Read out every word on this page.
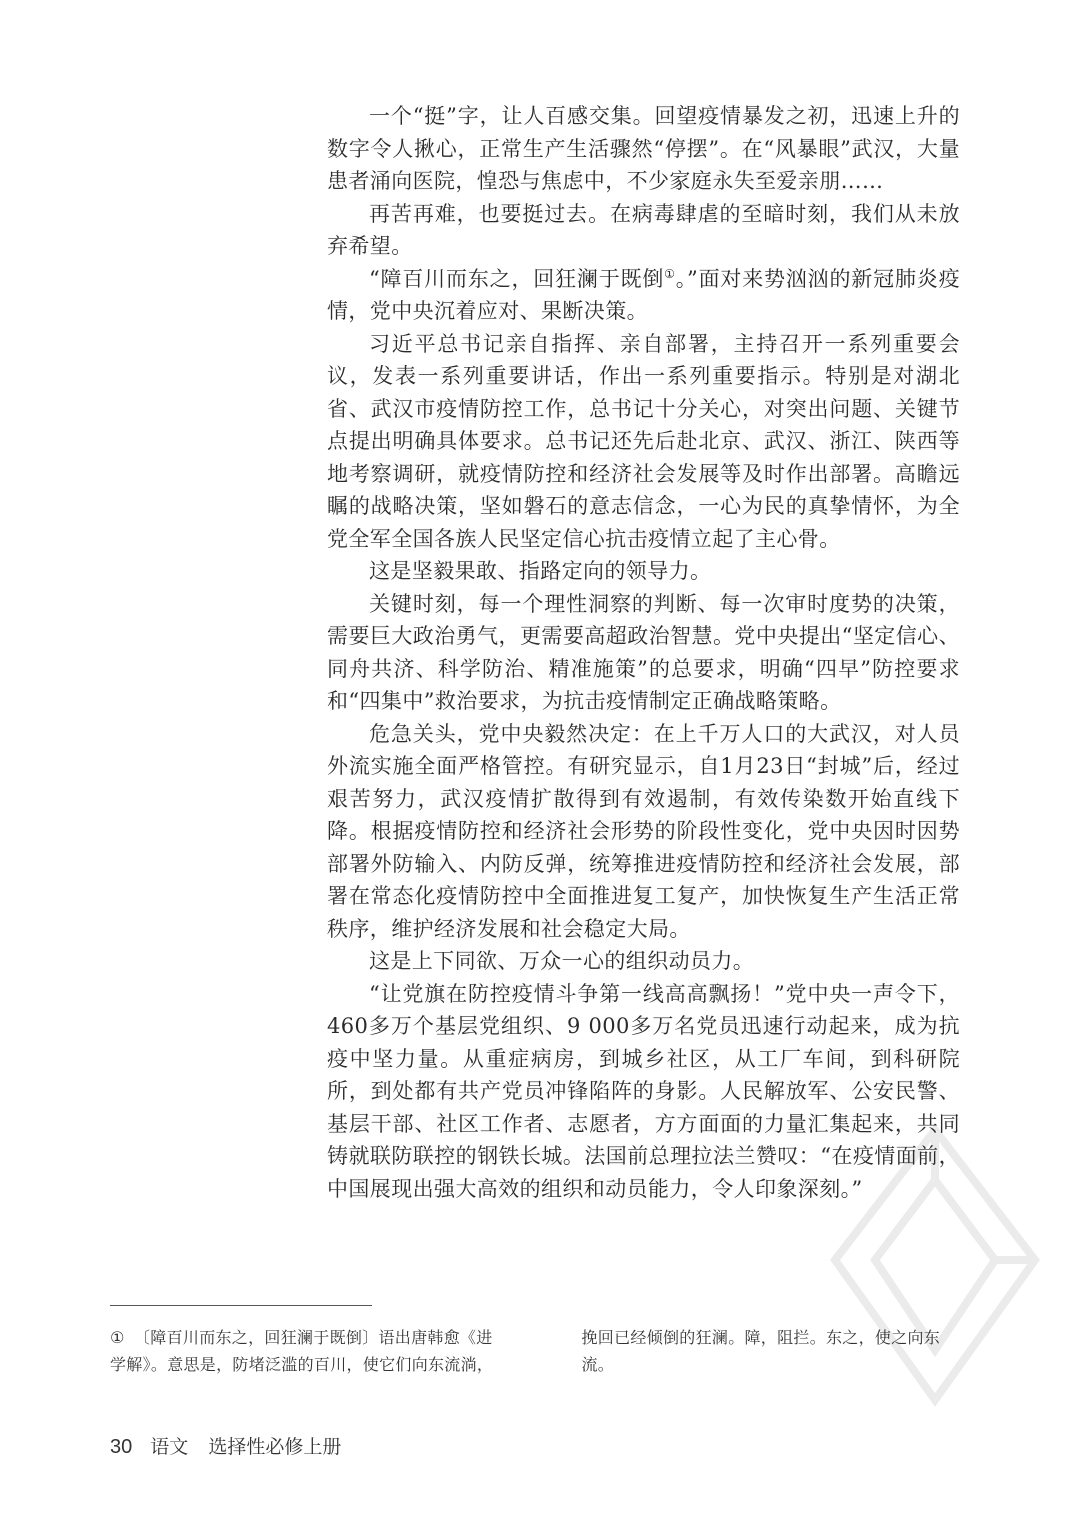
一个“挺”字，让人百感交集。回望疫情暴发之初，迅速上升的数字令人揪心，正常生产生活骤然“停摆”。在“风暴眼”武汉，大量患者涌向医院，惶恐与焦虑中，不少家庭永失至爱亲朋……

再苦再难，也要挺过去。在病毒肆虐的至暗时刻，我们从未放弃希望。

“障百川而东之，回狂澜于既倒①。”面对来势汹汹的新冠肺炎疫情，党中央沉着应对、果断决策。

习近平总书记亲自指挥、亲自部署，主持召开一系列重要会议，发表一系列重要讲话，作出一系列重要指示。特别是对湖北省、武汉市疫情防控工作，总书记十分关心，对突出问题、关键节点提出明确具体要求。总书记还先后赴北京、武汉、浙江、陕西等地考察调研，就疫情防控和经济社会发展等及时作出部署。高瞻远瞩的战略决策，坚如磐石的意志信念，一心为民的真挚情怀，为全党全军全国各族人民坚定信心抗击疫情立起了主心骨。

这是坚毅果敢、指路定向的领导力。

关键时刻，每一个理性洞察的判断、每一次审时度势的决策，需要巨大政治勇气，更需要高超政治智慧。党中央提出“坚定信心、同舟共济、科学防治、精准施策”的总要求，明确“四早”防控要求和“四集中”救治要求，为抗击疫情制定正确战略策略。

危急关头，党中央毅然决定：在上千万人口的大武汉，对人员外流实施全面严格管控。有研究显示，自1月23日“封城”后，经过艰苦努力，武汉疫情扩散得到有效遏制，有效传染数开始直线下降。根据疫情防控和经济社会形势的阶段性变化，党中央因时因势部署外防输入、内防反弹，统筹推进疫情防控和经济社会发展，部署在常态化疫情防控中全面推进复工复产，加快恢复生产生活正常秩序，维护经济发展和社会稳定大局。

这是上下同欲、万众一心的组织动员力。

“让党旗在防控疫情斗争第一线高高飘扬！”党中央一声令下，460多万个基层党组织、9 000多万名党员迅速行动起来，成为抗疫中坚力量。从重症病房，到城乡社区，从工厂车间，到科研院所，到处都有共产党员冲锋陷阵的身影。人民解放军、公安民警、基层干部、社区工作者、志愿者，方方面面的力量汇集起来，共同铸就联防联控的钢铁长城。法国前总理拉法兰赞叹：“在疫情面前，中国展现出强大高效的组织和动员能力，令人印象深刻。”

① 〔障百川而东之，回狂澜于既倒〕语出唐韩愈《进学解》。意思是，防堵泛滥的百川，使它们向东流淌，挽回已经倾倒的狂澜。障，阻拦。东之，使之向东流。
30 语文 选择性必修上册
